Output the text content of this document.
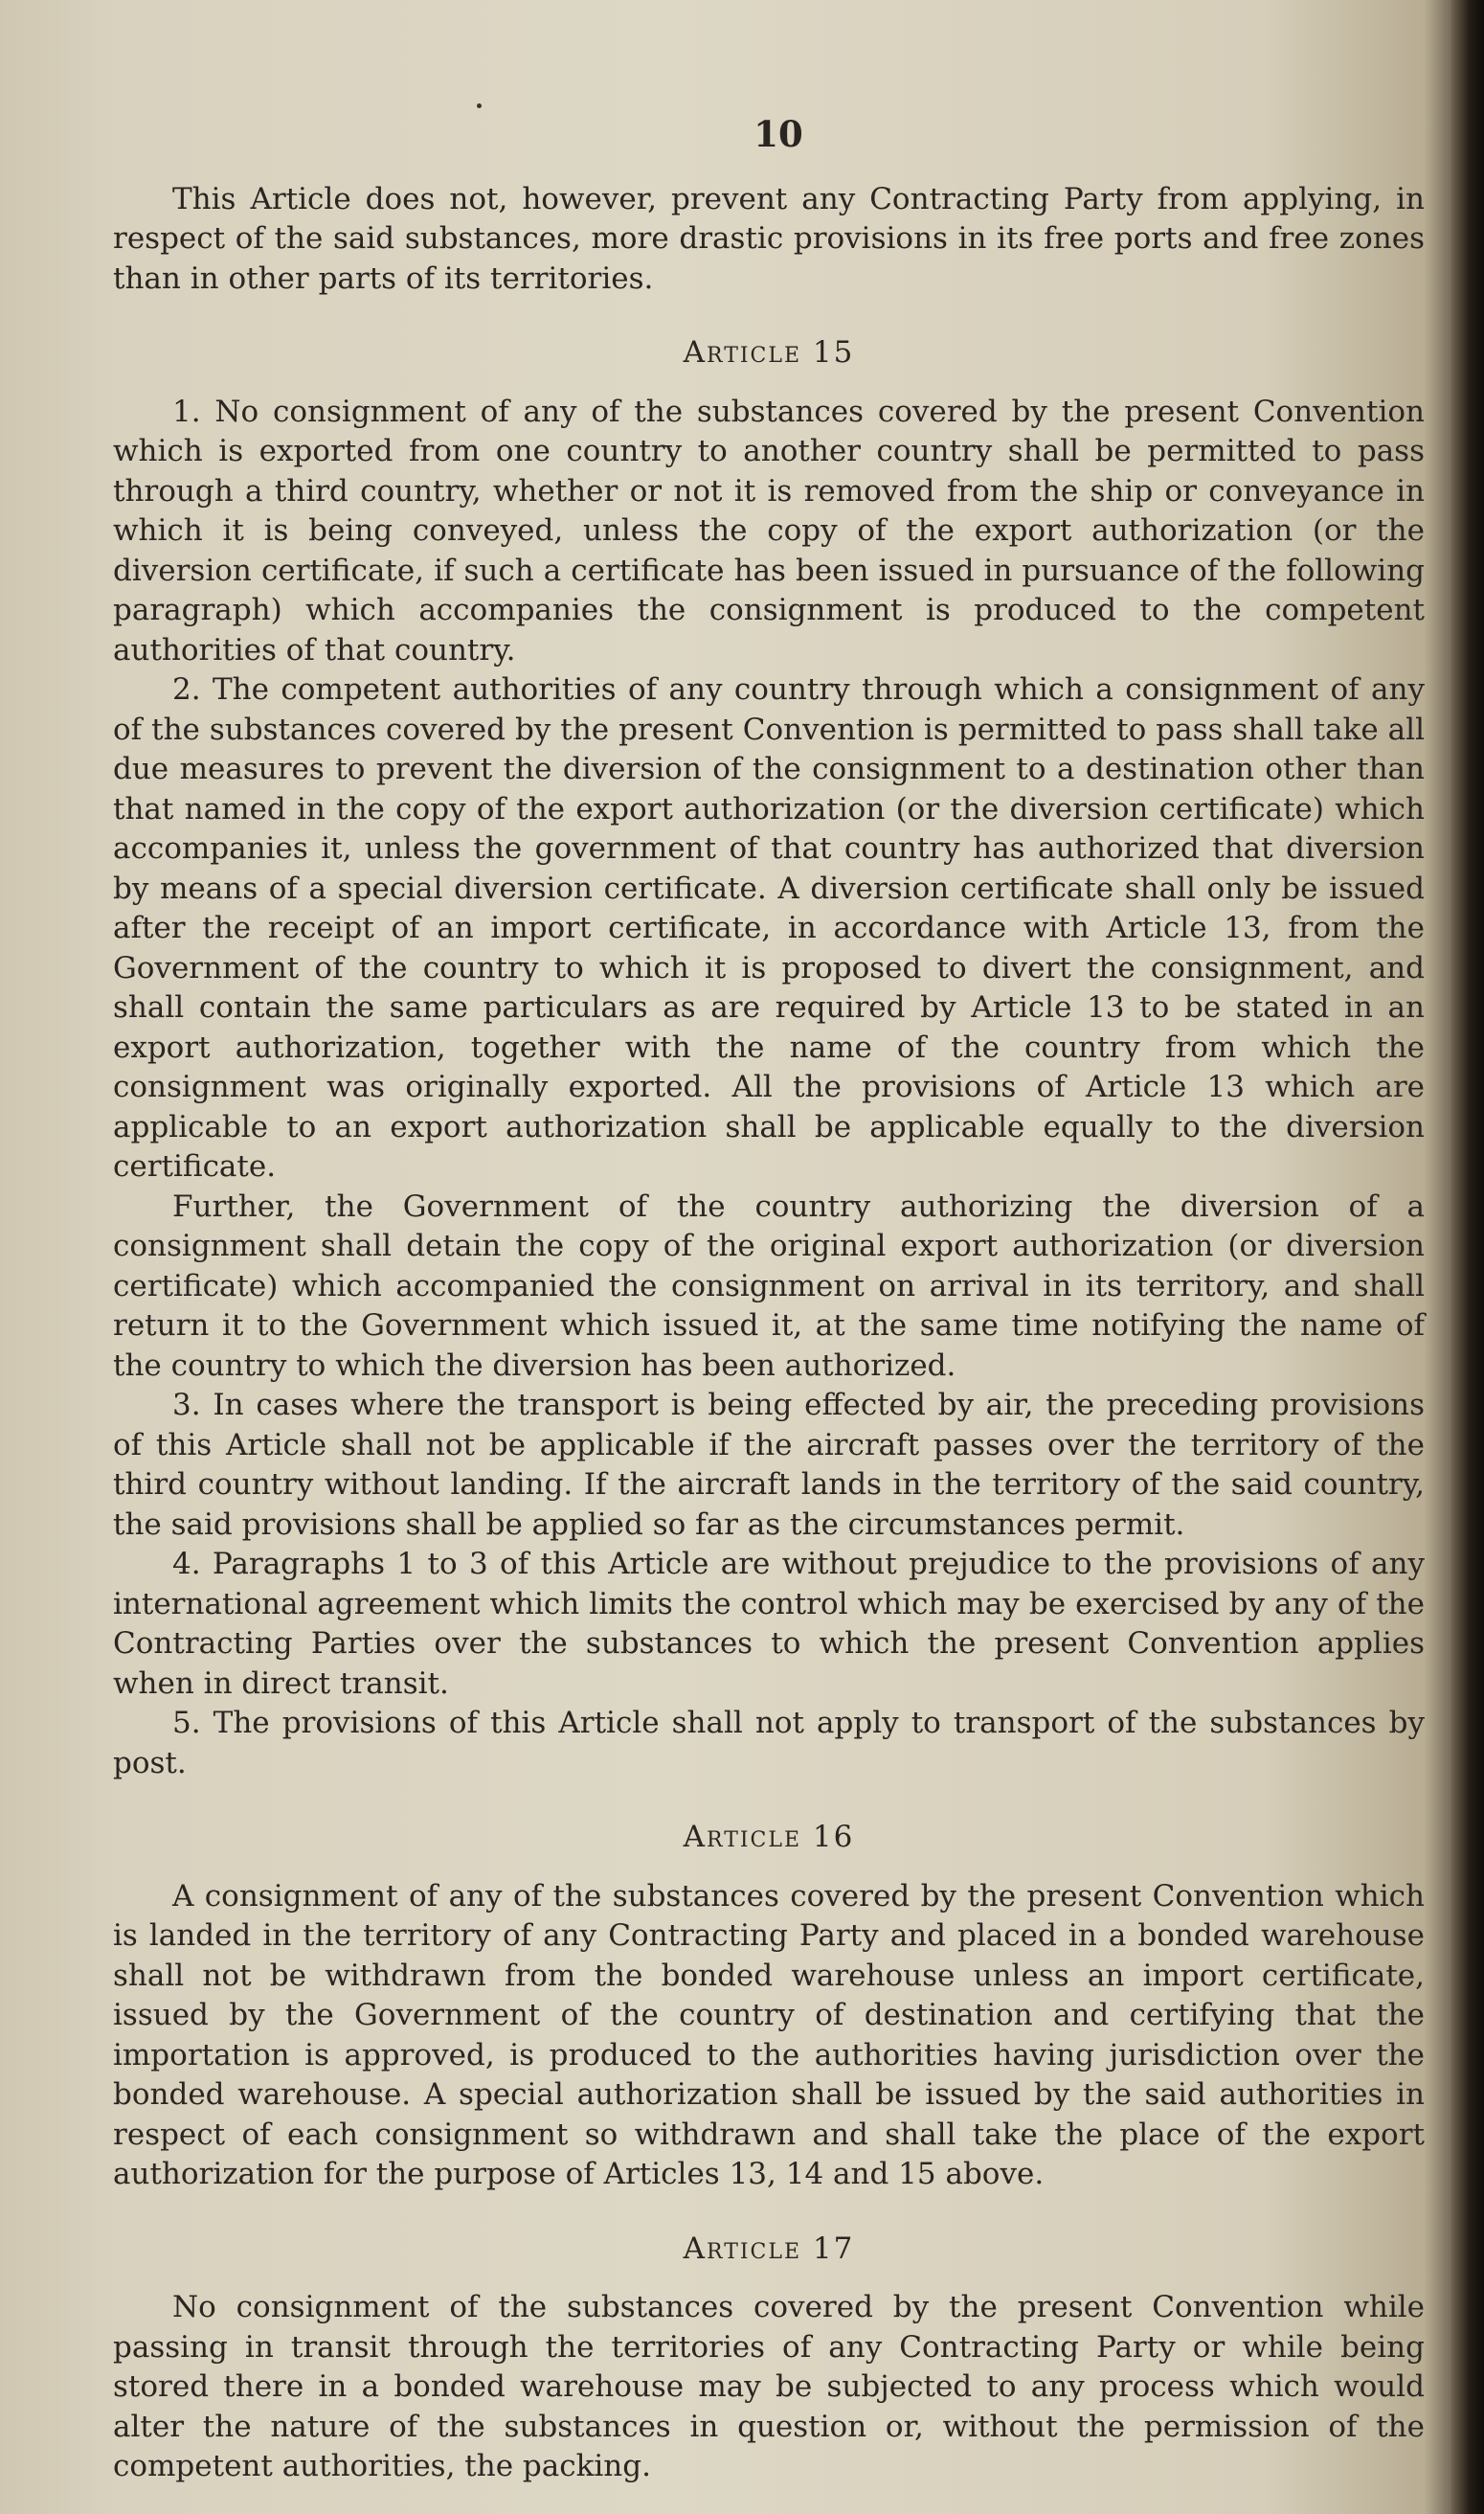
10

This Article does not, however, prevent any Contracting Party from applying, in respect of the said substances, more drastic provisions in its free ports and free zones than in other parts of its territories.

Article 15

1. No consignment of any of the substances covered by the present Convention which is exported from one country to another country shall be permitted to pass through a third country, whether or not it is removed from the ship or conveyance in which it is being conveyed, unless the copy of the export authorization (or the diversion certificate, if such a certificate has been issued in pursuance of the following paragraph) which accompanies the consignment is produced to the competent authorities of that country.

2. The competent authorities of any country through which a consignment of any of the substances covered by the present Convention is permitted to pass shall take all due measures to prevent the diversion of the consignment to a destination other than that named in the copy of the export authorization (or the diversion certificate) which accompanies it, unless the government of that country has authorized that diversion by means of a special diversion certificate. A diversion certificate shall only be issued after the receipt of an import certificate, in accordance with Article 13, from the Government of the country to which it is proposed to divert the consignment, and shall contain the same particulars as are required by Article 13 to be stated in an export authorization, together with the name of the country from which the consignment was originally exported. All the provisions of Article 13 which are applicable to an export authorization shall be applicable equally to the diversion certificate.

Further, the Government of the country authorizing the diversion of a consignment shall detain the copy of the original export authorization (or diversion certificate) which accompanied the consignment on arrival in its territory, and shall return it to the Government which issued it, at the same time notifying the name of the country to which the diversion has been authorized.

3. In cases where the transport is being effected by air, the preceding provisions of this Article shall not be applicable if the aircraft passes over the territory of the third country without landing. If the aircraft lands in the territory of the said country, the said provisions shall be applied so far as the circumstances permit.

4. Paragraphs 1 to 3 of this Article are without prejudice to the provisions of any international agreement which limits the control which may be exercised by any of the Contracting Parties over the substances to which the present Convention applies when in direct transit.

5. The provisions of this Article shall not apply to transport of the substances by post.

Article 16

A consignment of any of the substances covered by the present Convention which is landed in the territory of any Contracting Party and placed in a bonded warehouse shall not be withdrawn from the bonded warehouse unless an import certificate, issued by the Government of the country of destination and certifying that the importation is approved, is produced to the authorities having jurisdiction over the bonded warehouse. A special authorization shall be issued by the said authorities in respect of each consignment so withdrawn and shall take the place of the export authorization for the purpose of Articles 13, 14 and 15 above.

Article 17

No consignment of the substances covered by the present Convention while passing in transit through the territories of any Contracting Party or while being stored there in a bonded warehouse may be subjected to any process which would alter the nature of the substances in question or, without the permission of the competent authorities, the packing.
